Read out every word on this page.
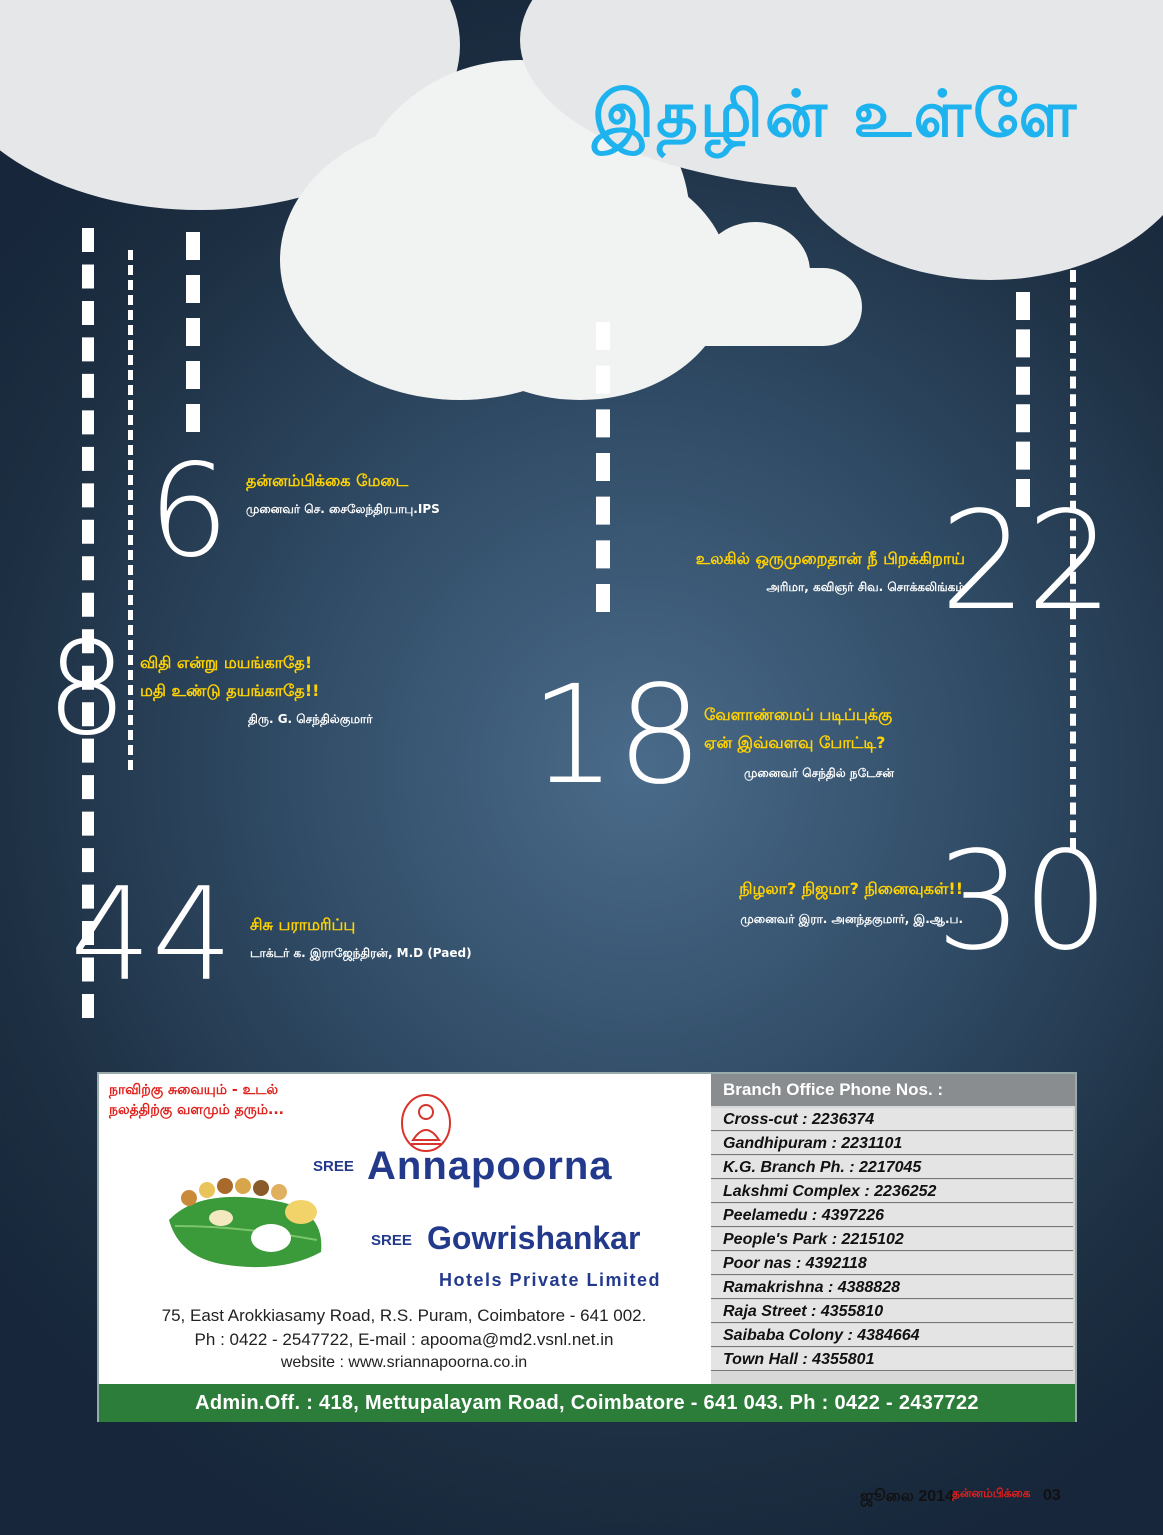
இதழின் உள்ளே
6 தன்னம்பிக்கை மேடை
முனைவர் செ. சைலேந்திரபாபு.IPS
உலகில் ஒருமுறைதான் நீ பிறக்கிறாய்
அரிமா, கவிஞர் சிவ. சொக்கலிங்கம்
22
8 விதி என்று மயங்காதே!
மதி உண்டு தயங்காதே!!
திரு. G. செந்தில்குமார் 18 வேளாண்மைப் படிப்புக்கு
ஏன் இவ்வளவு போட்டி?
முனைவர் செந்தில் நடேசன்
நிழலா? நிஜமா? நினைவுகள்!!
முனைவர் இரா. அனந்தகுமார், இ.ஆ.ப.
30
44 சிசு பராமரிப்பு
டாக்டர் க. இராஜேந்திரன், M.D (Paed)
நாவிற்கு சுவையும் - உடல்
நலத்திற்கு வளமும் தரும்...
SREE Annapoorna
SREE Gowrishankar
Hotels Private Limited
75, East Arokkiasamy Road, R.S. Puram, Coimbatore - 641 002.
Ph : 0422 - 2547722, E-mail : apooma@md2.vsnl.net.in
website : www.sriannapoorna.co.in
Branch Office Phone Nos. :
Cross-cut : 2236374
Gandhipuram : 2231101
K.G. Branch Ph. : 2217045
Lakshmi Complex : 2236252
Peelamedu : 4397226
People's Park : 2215102
Poor nas : 4392118
Ramakrishna : 4388828
Raja Street : 4355810
Saibaba Colony : 4384664
Town Hall : 4355801
Admin.Off. : 418, Mettupalayam Road, Coimbatore - 641 043. Ph : 0422 - 2437722
ஜூலை 2014
தன்னம்பிக்கை 03
